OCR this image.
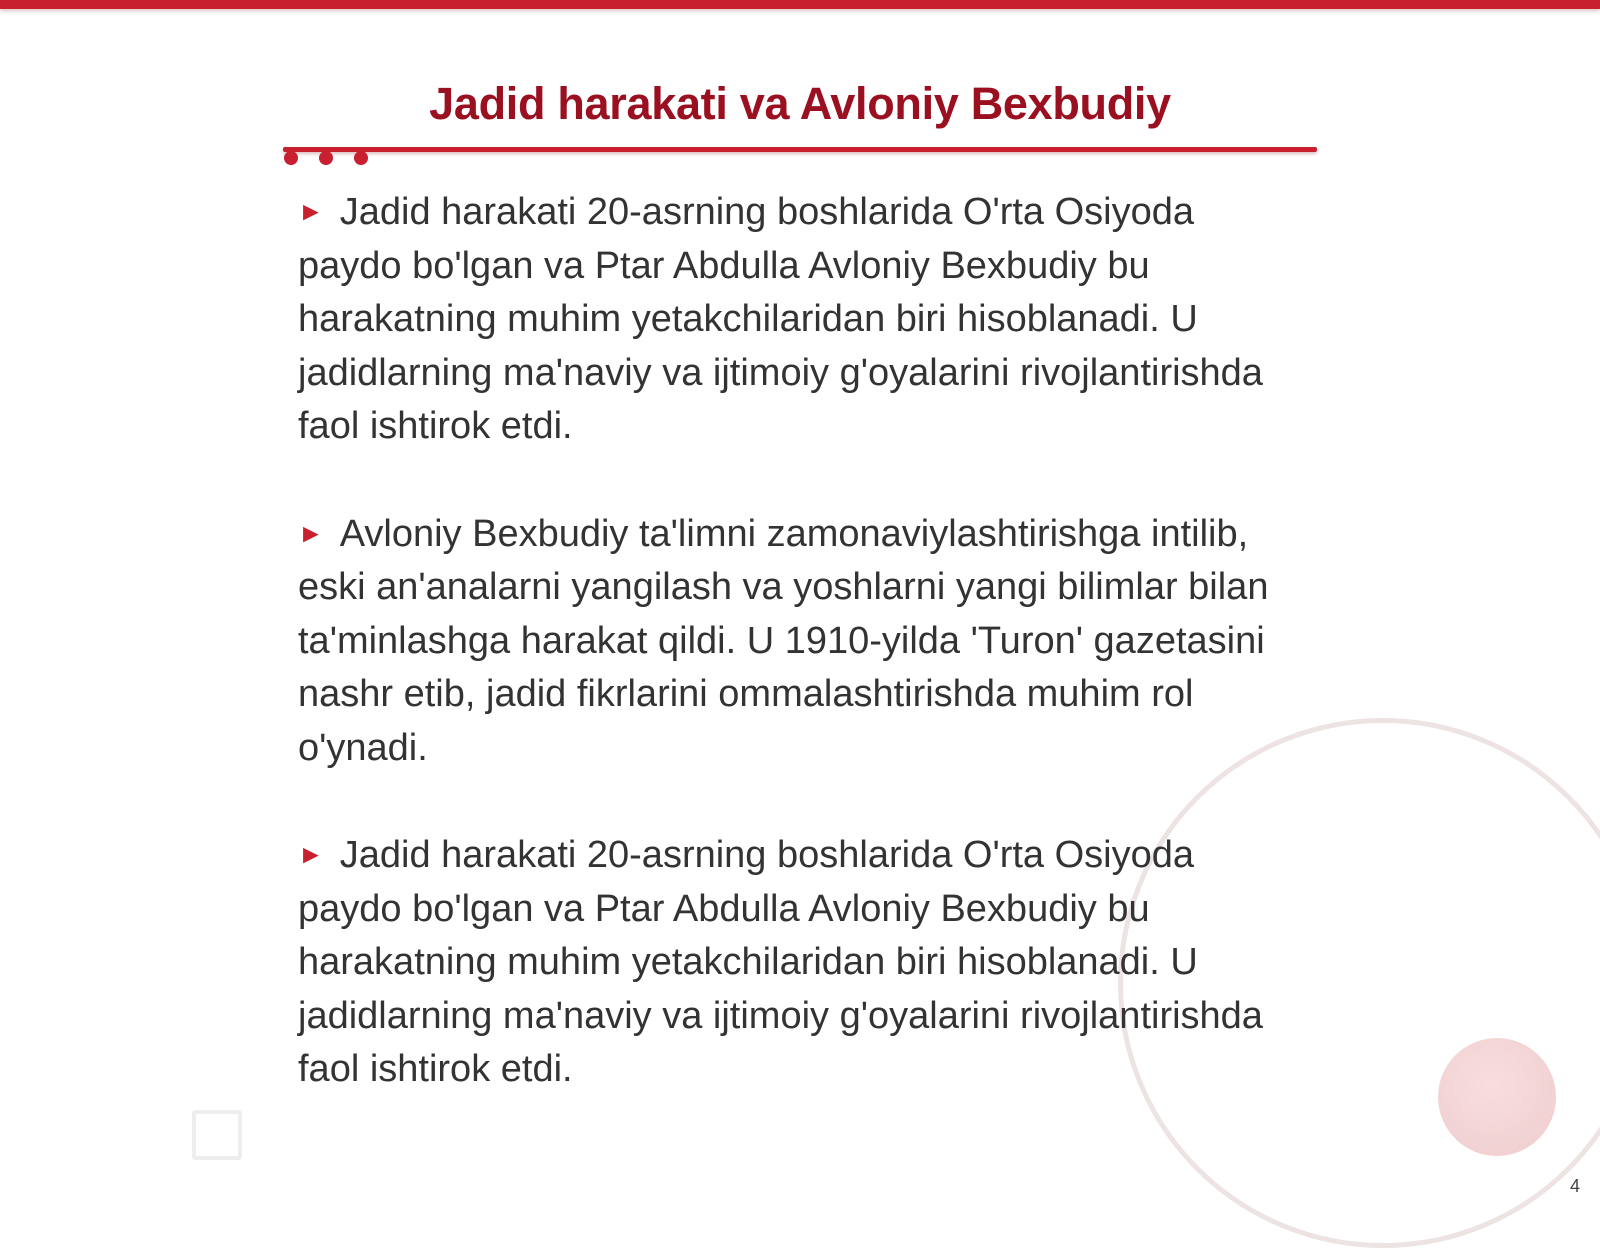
Jadid harakati va Avloniy Bexbudiy

► Jadid harakati 20-asrning boshlarida O'rta Osiyoda paydo bo'lgan va Ptar Abdulla Avloniy Bexbudiy bu harakatning muhim yetakchilaridan biri hisoblanadi. U jadidlarning ma'naviy va ijtimoiy g'oyalarini rivojlantirishda faol ishtirok etdi.

► Avloniy Bexbudiy ta'limni zamonaviylashtirishga intilib, eski an'analarni yangilash va yoshlarni yangi bilimlar bilan ta'minlashga harakat qildi. U 1910-yilda 'Turon' gazetasini nashr etib, jadid fikrlarini ommalashtirishda muhim rol o'ynadi.

► Jadid harakati 20-asrning boshlarida O'rta Osiyoda paydo bo'lgan va Ptar Abdulla Avloniy Bexbudiy bu harakatning muhim yetakchilaridan biri hisoblanadi. U jadidlarning ma'naviy va ijtimoiy g'oyalarini rivojlantirishda faol ishtirok etdi.

4
